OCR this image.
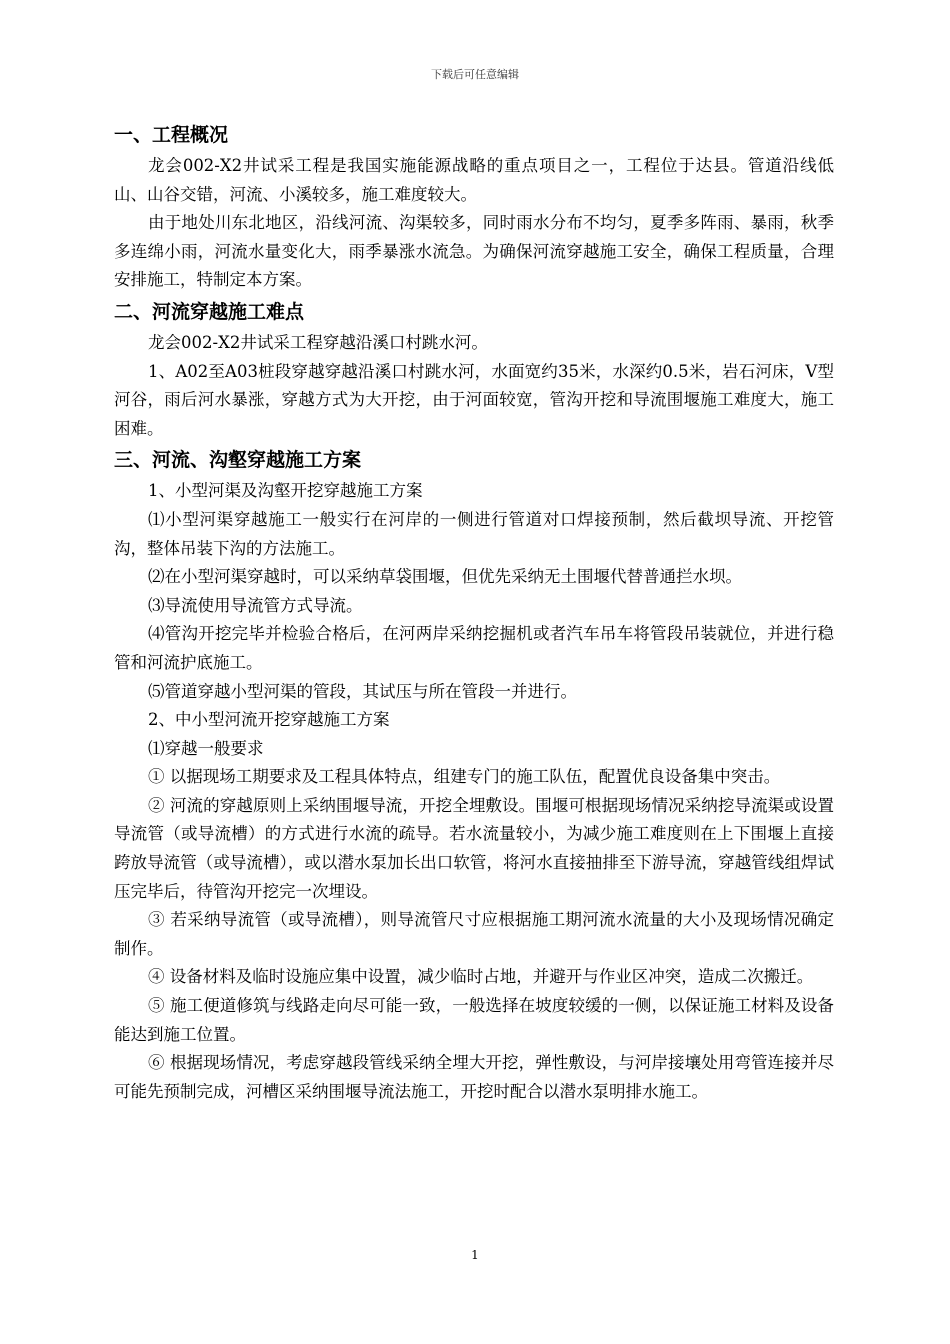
下载后可任意编辑
一、工程概况

龙会002-X2井试采工程是我国实施能源战略的重点项目之一，工程位于达县。管道沿线低山、山谷交错，河流、小溪较多，施工难度较大。

由于地处川东北地区，沿线河流、沟渠较多，同时雨水分布不均匀，夏季多阵雨、暴雨，秋季多连绵小雨，河流水量变化大，雨季暴涨水流急。为确保河流穿越施工安全，确保工程质量，合理安排施工，特制定本方案。

二、河流穿越施工难点

龙会002-X2井试采工程穿越沿溪口村跳水河。

1、A02至A03桩段穿越穿越沿溪口村跳水河，水面宽约35米，水深约0.5米，岩石河床，V型河谷，雨后河水暴涨，穿越方式为大开挖，由于河面较宽，管沟开挖和导流围堰施工难度大，施工困难。

三、河流、沟壑穿越施工方案

1、小型河渠及沟壑开挖穿越施工方案

⑴小型河渠穿越施工一般实行在河岸的一侧进行管道对口焊接预制，然后截坝导流、开挖管沟，整体吊装下沟的方法施工。

⑵在小型河渠穿越时，可以采纳草袋围堰，但优先采纳无土围堰代替普通拦水坝。

⑶导流使用导流管方式导流。

⑷管沟开挖完毕并检验合格后，在河两岸采纳挖掘机或者汽车吊车将管段吊装就位，并进行稳管和河流护底施工。

⑸管道穿越小型河渠的管段，其试压与所在管段一并进行。

2、中小型河流开挖穿越施工方案

⑴穿越一般要求

① 以据现场工期要求及工程具体特点，组建专门的施工队伍，配置优良设备集中突击。

② 河流的穿越原则上采纳围堰导流，开挖全埋敷设。围堰可根据现场情况采纳挖导流渠或设置导流管（或导流槽）的方式进行水流的疏导。若水流量较小，为减少施工难度则在上下围堰上直接跨放导流管（或导流槽），或以潜水泵加长出口软管，将河水直接抽排至下游导流，穿越管线组焊试压完毕后，待管沟开挖完一次埋设。

③ 若采纳导流管（或导流槽），则导流管尺寸应根据施工期河流水流量的大小及现场情况确定制作。

④ 设备材料及临时设施应集中设置，减少临时占地，并避开与作业区冲突，造成二次搬迁。

⑤ 施工便道修筑与线路走向尽可能一致，一般选择在坡度较缓的一侧，以保证施工材料及设备能达到施工位置。

⑥ 根据现场情况，考虑穿越段管线采纳全埋大开挖，弹性敷设，与河岸接壤处用弯管连接并尽可能先预制完成，河槽区采纳围堰导流法施工，开挖时配合以潜水泵明排水施工。

1
